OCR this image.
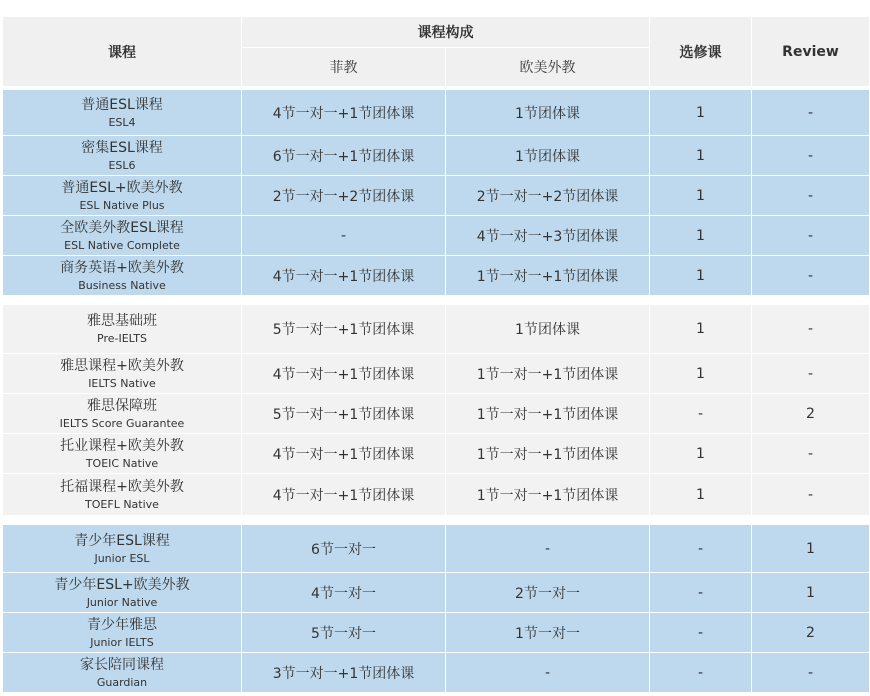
课程	课程构成		选修课	Review
	菲教	欧美外教		

普通ESL课程
ESL4	4节一对一+1节团体课	1节团体课	1	-

密集ESL课程
ESL6	6节一对一+1节团体课	1节团体课	1	-

普通ESL+欧美外教
ESL Native Plus	2节一对一+2节团体课	2节一对一+2节团体课	1	-

全欧美外教ESL课程
ESL Native Complete	-	4节一对一+3节团体课	1	-

商务英语+欧美外教
Business Native	4节一对一+1节团体课	1节一对一+1节团体课	1	-

雅思基础班
Pre-IELTS	5节一对一+1节团体课	1节团体课	1	-

雅思课程+欧美外教
IELTS Native	4节一对一+1节团体课	1节一对一+1节团体课	1	-

雅思保障班
IELTS Score Guarantee	5节一对一+1节团体课	1节一对一+1节团体课	-	2

托业课程+欧美外教
TOEIC Native	4节一对一+1节团体课	1节一对一+1节团体课	1	-

托福课程+欧美外教
TOEFL Native	4节一对一+1节团体课	1节一对一+1节团体课	1	-

青少年ESL课程
Junior ESL	6节一对一	-	-	1

青少年ESL+欧美外教
Junior Native	4节一对一	2节一对一	-	1

青少年雅思
Junior IELTS	5节一对一	1节一对一	-	2

家长陪同课程
Guardian	3节一对一+1节团体课	-	-	-
